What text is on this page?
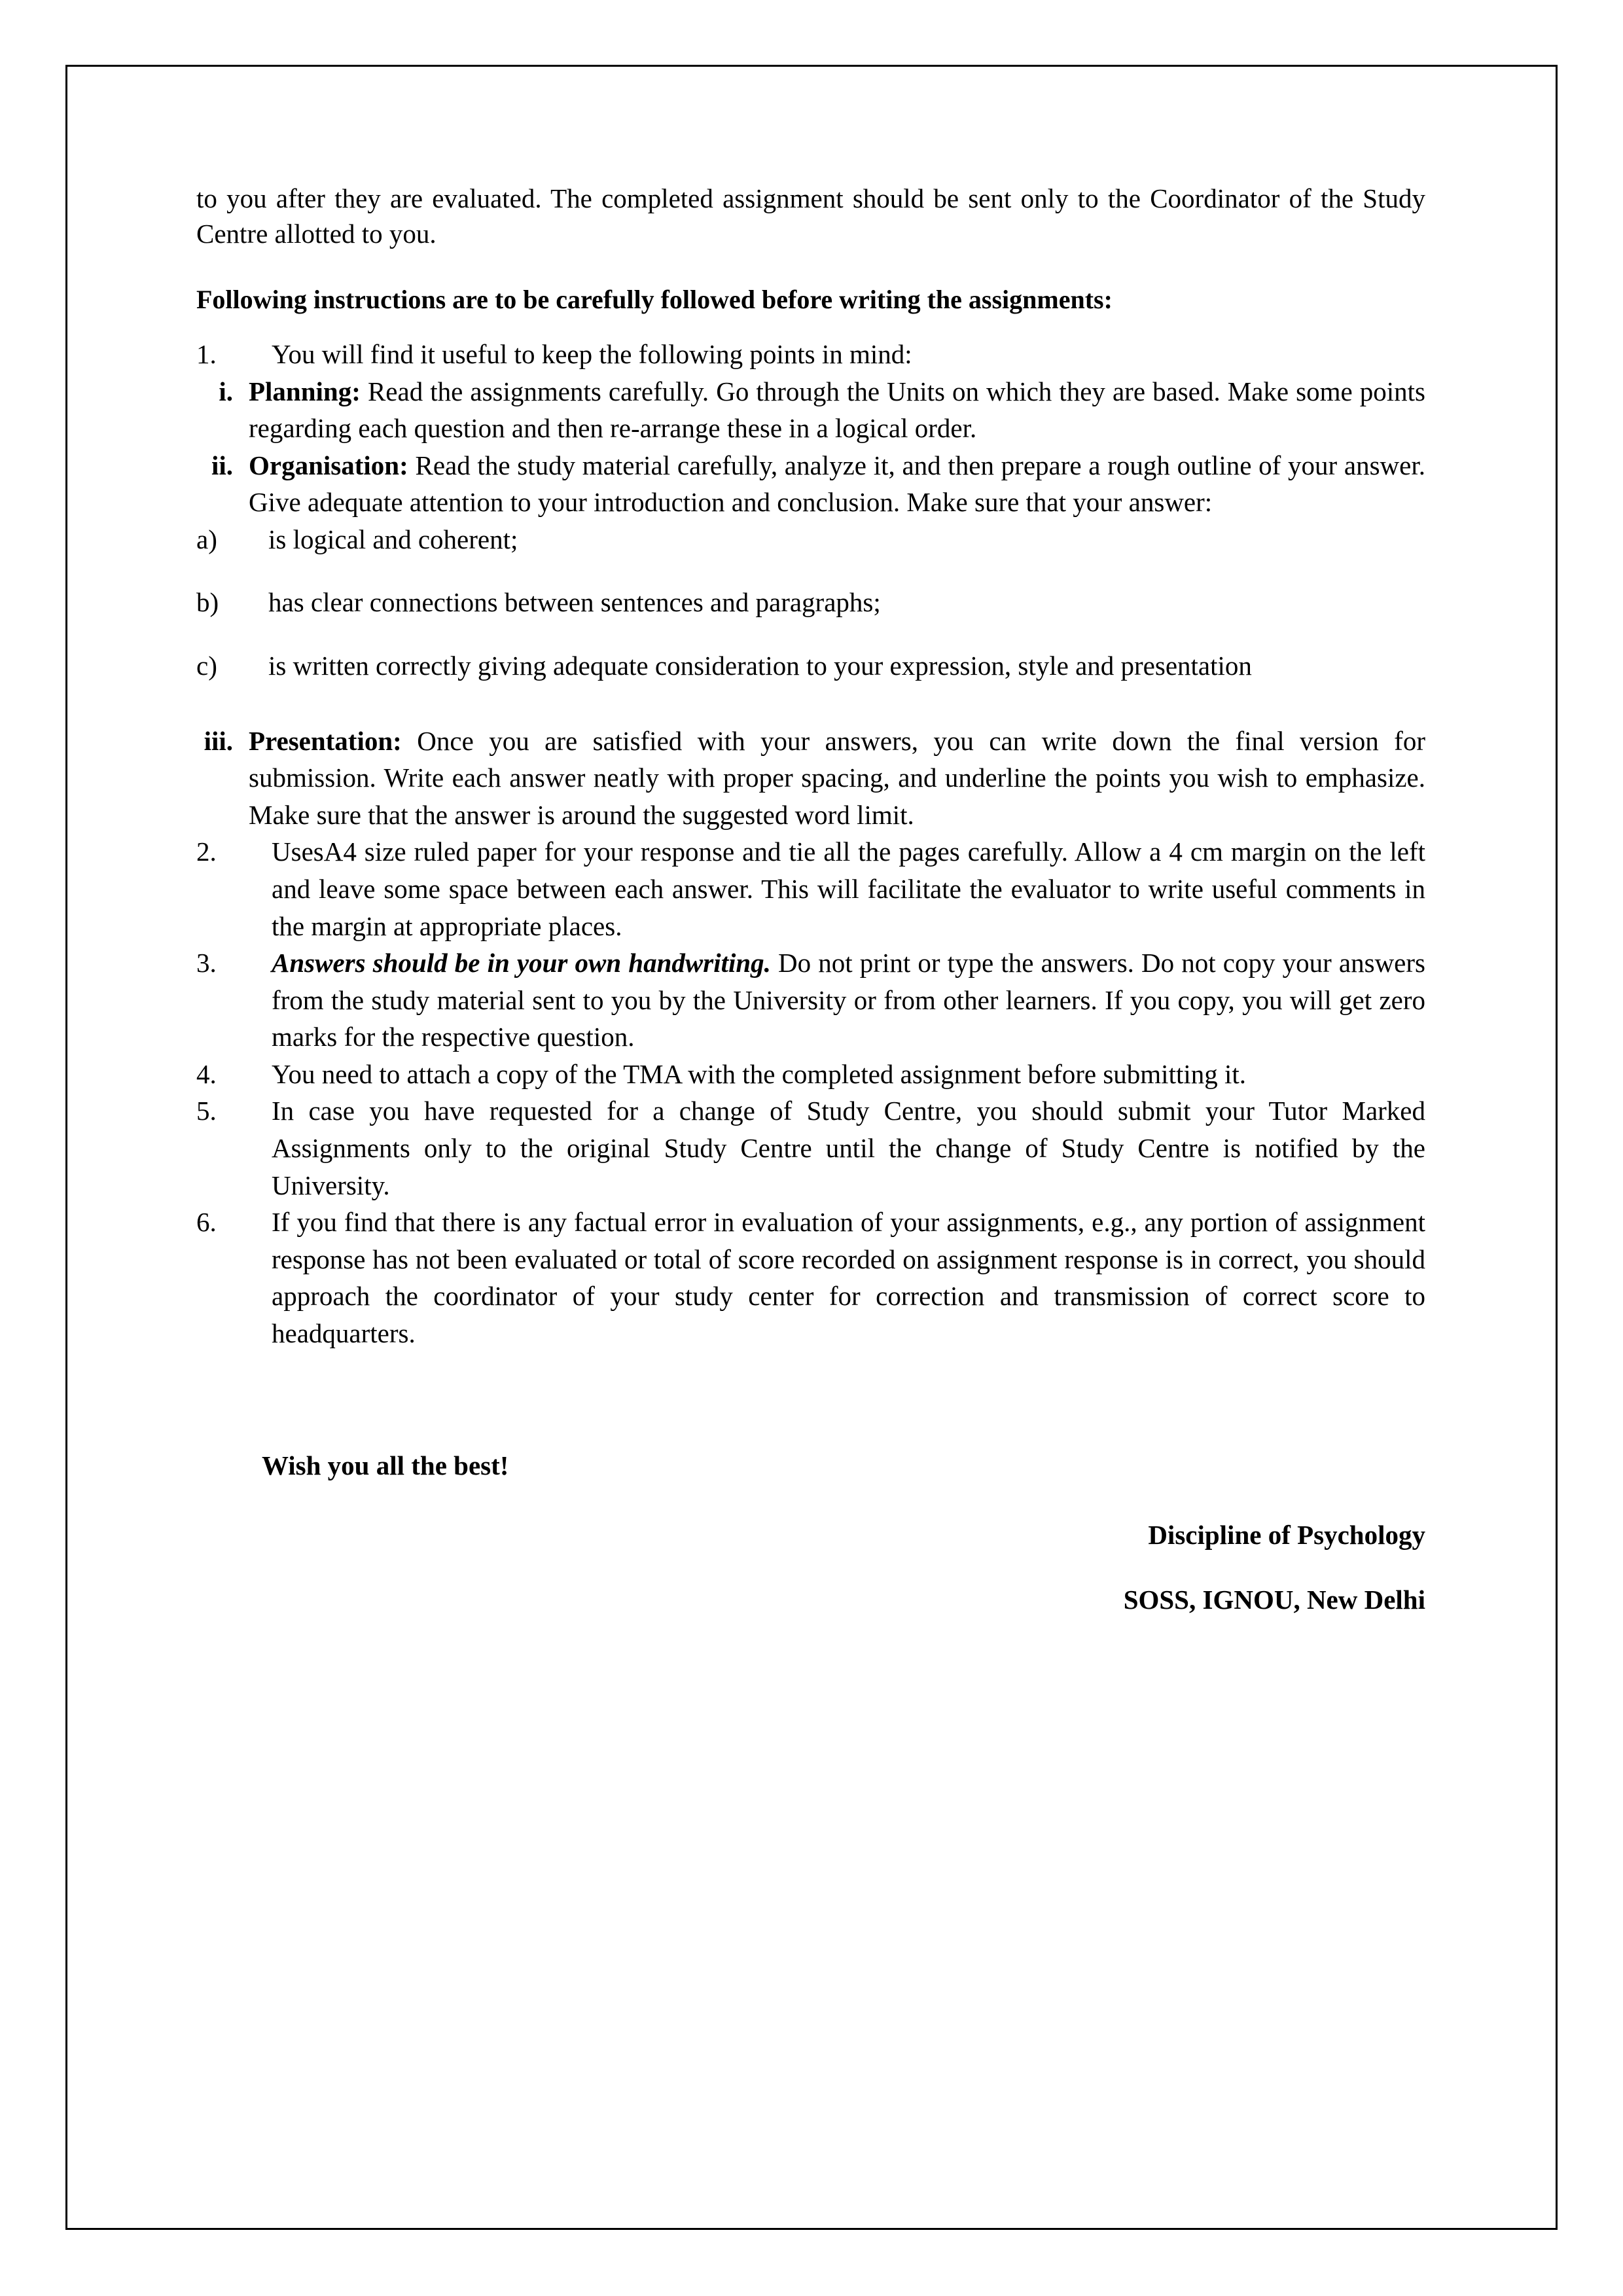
to you after they are evaluated. The completed assignment should be sent only to the Coordinator of the Study Centre allotted to you.

Following instructions are to be carefully followed before writing the assignments:

1.	You will find it useful to keep the following points in mind:
i. Planning: Read the assignments carefully. Go through the Units on which they are based. Make some points regarding each question and then re-arrange these in a logical order.
ii. Organisation: Read the study material carefully, analyze it, and then prepare a rough outline of your answer. Give adequate attention to your introduction and conclusion. Make sure that your answer:
a)	is logical and coherent;
b)	has clear connections between sentences and paragraphs;
c)	is written correctly giving adequate consideration to your expression, style and presentation
iii. Presentation: Once you are satisfied with your answers, you can write down the final version for submission. Write each answer neatly with proper spacing, and underline the points you wish to emphasize. Make sure that the answer is around the suggested word limit.
2.	UsesA4 size ruled paper for your response and tie all the pages carefully. Allow a 4 cm margin on the left and leave some space between each answer. This will facilitate the evaluator to write useful comments in the margin at appropriate places.
3.	Answers should be in your own handwriting. Do not print or type the answers. Do not copy your answers from the study material sent to you by the University or from other learners. If you copy, you will get zero marks for the respective question.
4.	You need to attach a copy of the TMA with the completed assignment before submitting it.
5.	In case you have requested for a change of Study Centre, you should submit your Tutor Marked Assignments only to the original Study Centre until the change of Study Centre is notified by the University.
6.	If you find that there is any factual error in evaluation of your assignments, e.g., any portion of assignment response has not been evaluated or total of score recorded on assignment response is in correct, you should approach the coordinator of your study center for correction and transmission of correct score to headquarters.
Wish you all the best!
Discipline of Psychology
SOSS, IGNOU, New Delhi
